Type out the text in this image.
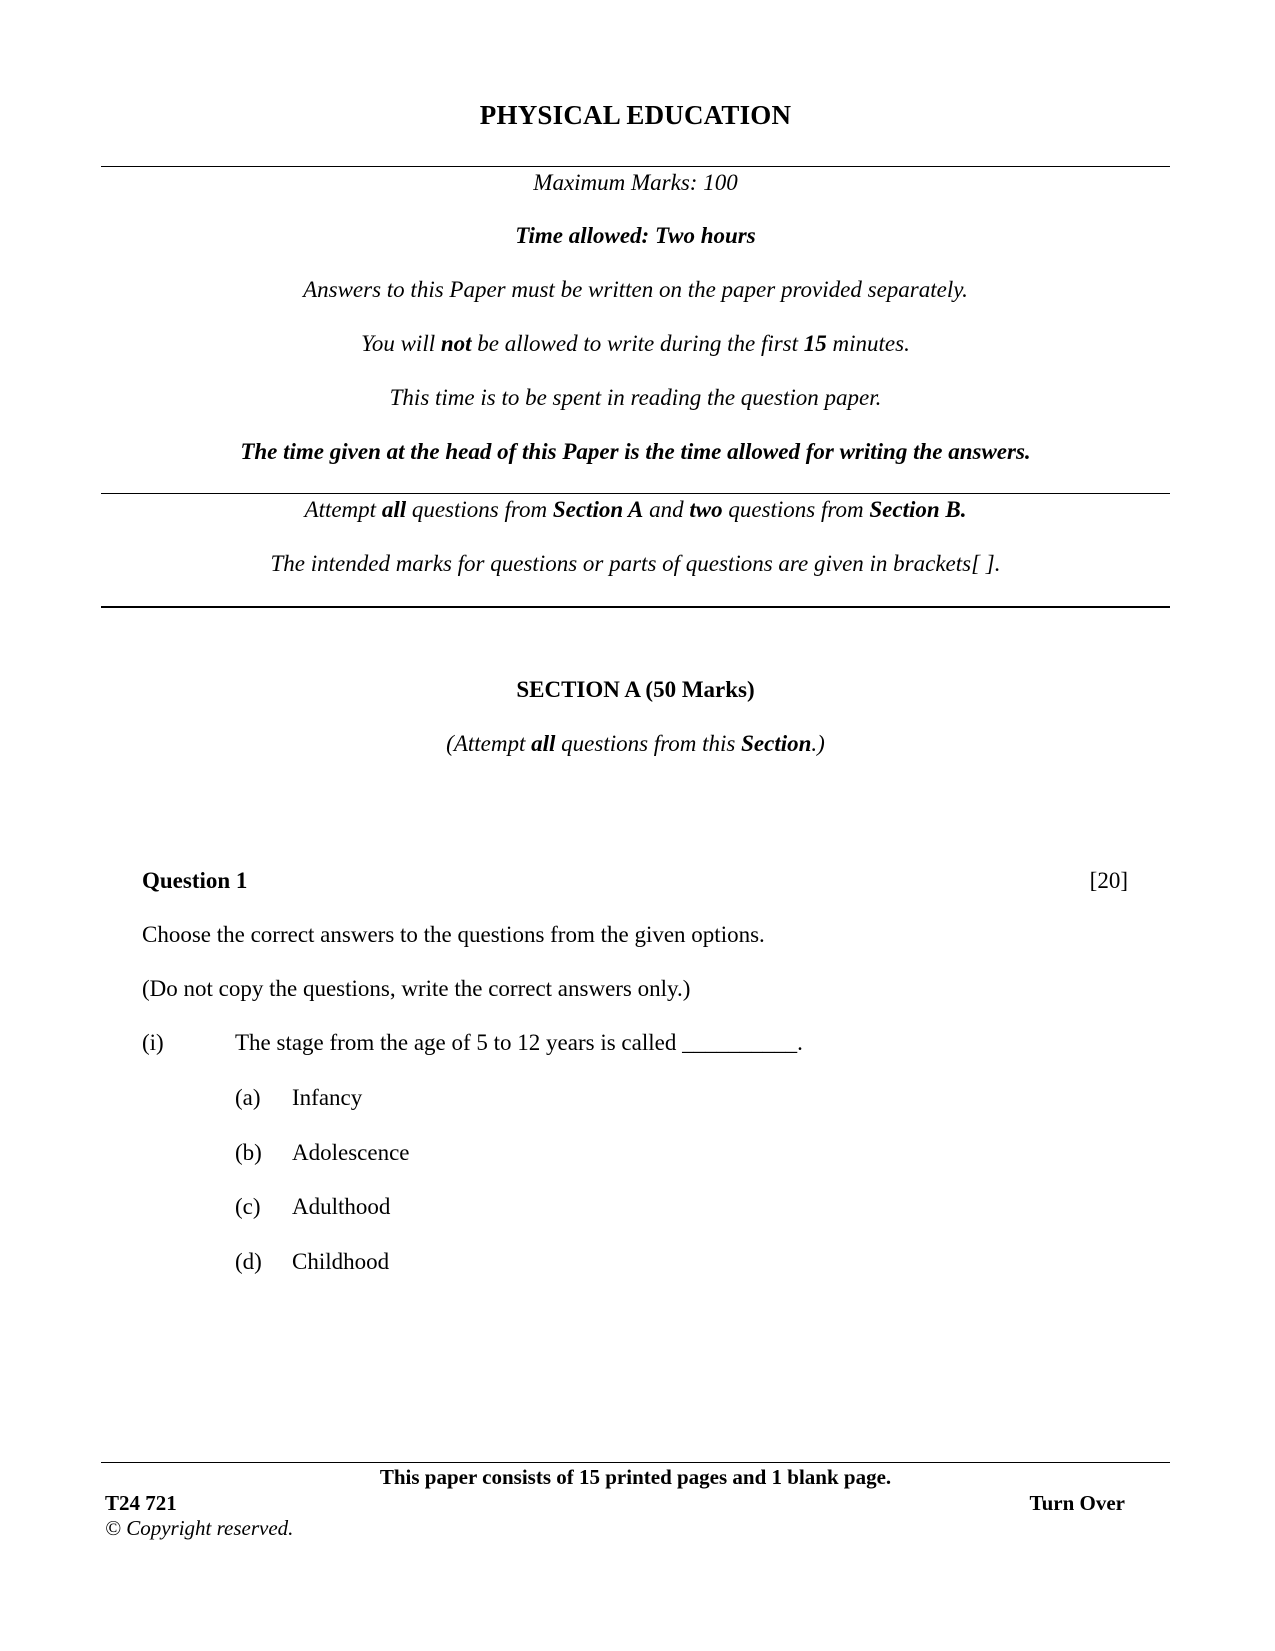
PHYSICAL EDUCATION
Maximum Marks: 100
Time allowed: Two hours
Answers to this Paper must be written on the paper provided separately.
You will not be allowed to write during the first 15 minutes.
This time is to be spent in reading the question paper.
The time given at the head of this Paper is the time allowed for writing the answers.
Attempt all questions from Section A and two questions from Section B.
The intended marks for questions or parts of questions are given in brackets[ ].
SECTION A (50 Marks)
(Attempt all questions from this Section.)
Question 1	[20]
Choose the correct answers to the questions from the given options.
(Do not copy the questions, write the correct answers only.)
(i)	The stage from the age of 5 to 12 years is called __________.
(a) Infancy
(b) Adolescence
(c) Adulthood
(d) Childhood
This paper consists of 15 printed pages and 1 blank page.
T24 721	Turn Over
© Copyright reserved.
